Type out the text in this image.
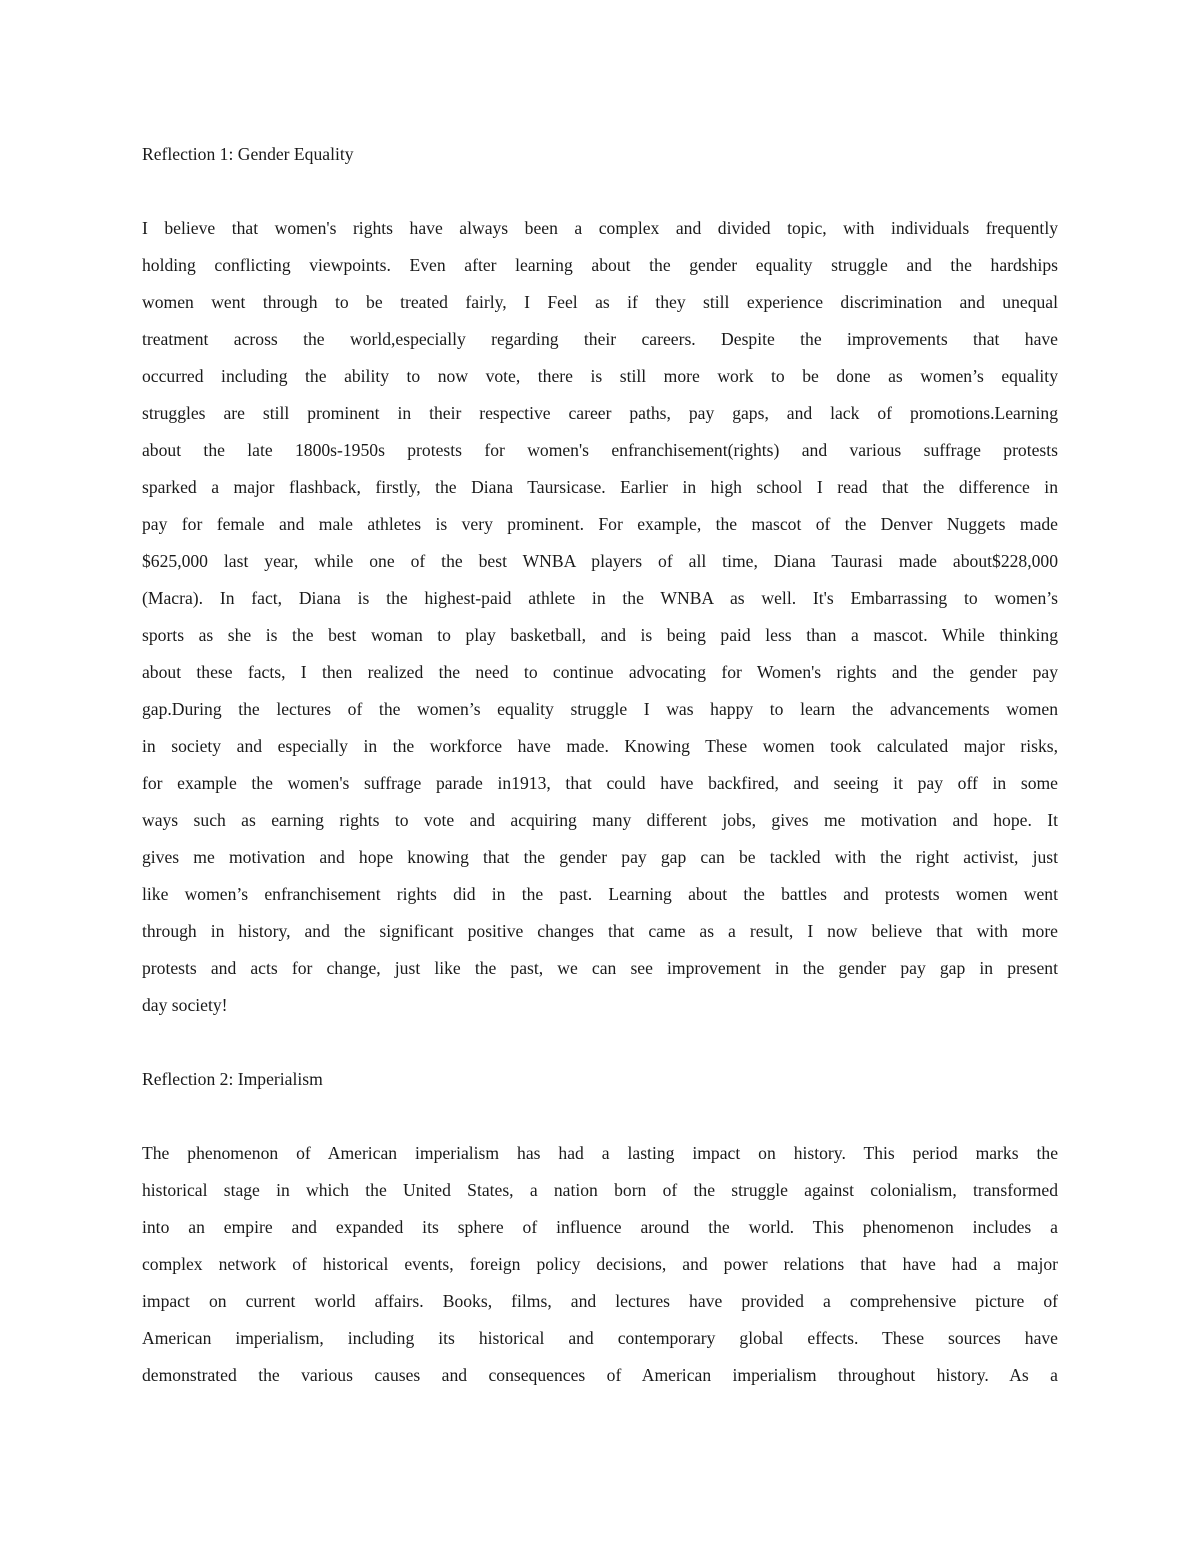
Reflection 1: Gender Equality
I believe that women's rights have always been a complex and divided topic, with individuals frequently
holding conflicting viewpoints. Even after learning about the gender equality struggle and the hardships
women went through to be treated fairly, I Feel as if they still experience discrimination and unequal
treatment across the world,especially regarding their careers. Despite the improvements that have
occurred including the ability to now vote, there is still more work to be done as women’s equality
struggles are still prominent in their respective career paths, pay gaps, and lack of promotions.Learning
about the late 1800s-1950s protests for women's enfranchisement(rights) and various suffrage protests
sparked a major flashback, firstly, the Diana Taursicase. Earlier in high school I read that the difference in
pay for female and male athletes is very prominent. For example, the mascot of the Denver Nuggets made
$625,000 last year, while one of the best WNBA players of all time, Diana Taurasi made about$228,000
(Macra). In fact, Diana is the highest-paid athlete in the WNBA as well. It's Embarrassing to women’s
sports as she is the best woman to play basketball, and is being paid less than a mascot. While thinking
about these facts, I then realized the need to continue advocating for Women's rights and the gender pay
gap.During the lectures of the women’s equality struggle I was happy to learn the advancements women
in society and especially in the workforce have made. Knowing These women took calculated major risks,
for example the women's suffrage parade in1913, that could have backfired, and seeing it pay off in some
ways such as earning rights to vote and acquiring many different jobs, gives me motivation and hope. It
gives me motivation and hope knowing that the gender pay gap can be tackled with the right activist, just
like women’s enfranchisement rights did in the past. Learning about the battles and protests women went
through in history, and the significant positive changes that came as a result, I now believe that with more
protests and acts for change, just like the past, we can see improvement in the gender pay gap in present
day society!
Reflection 2: Imperialism
The phenomenon of American imperialism has had a lasting impact on history. This period marks the
historical stage in which the United States, a nation born of the struggle against colonialism, transformed
into an empire and expanded its sphere of influence around the world. This phenomenon includes a
complex network of historical events, foreign policy decisions, and power relations that have had a major
impact on current world affairs. Books, films, and lectures have provided a comprehensive picture of
American imperialism, including its historical and contemporary global effects. These sources have
demonstrated the various causes and consequences of American imperialism throughout history. As a
